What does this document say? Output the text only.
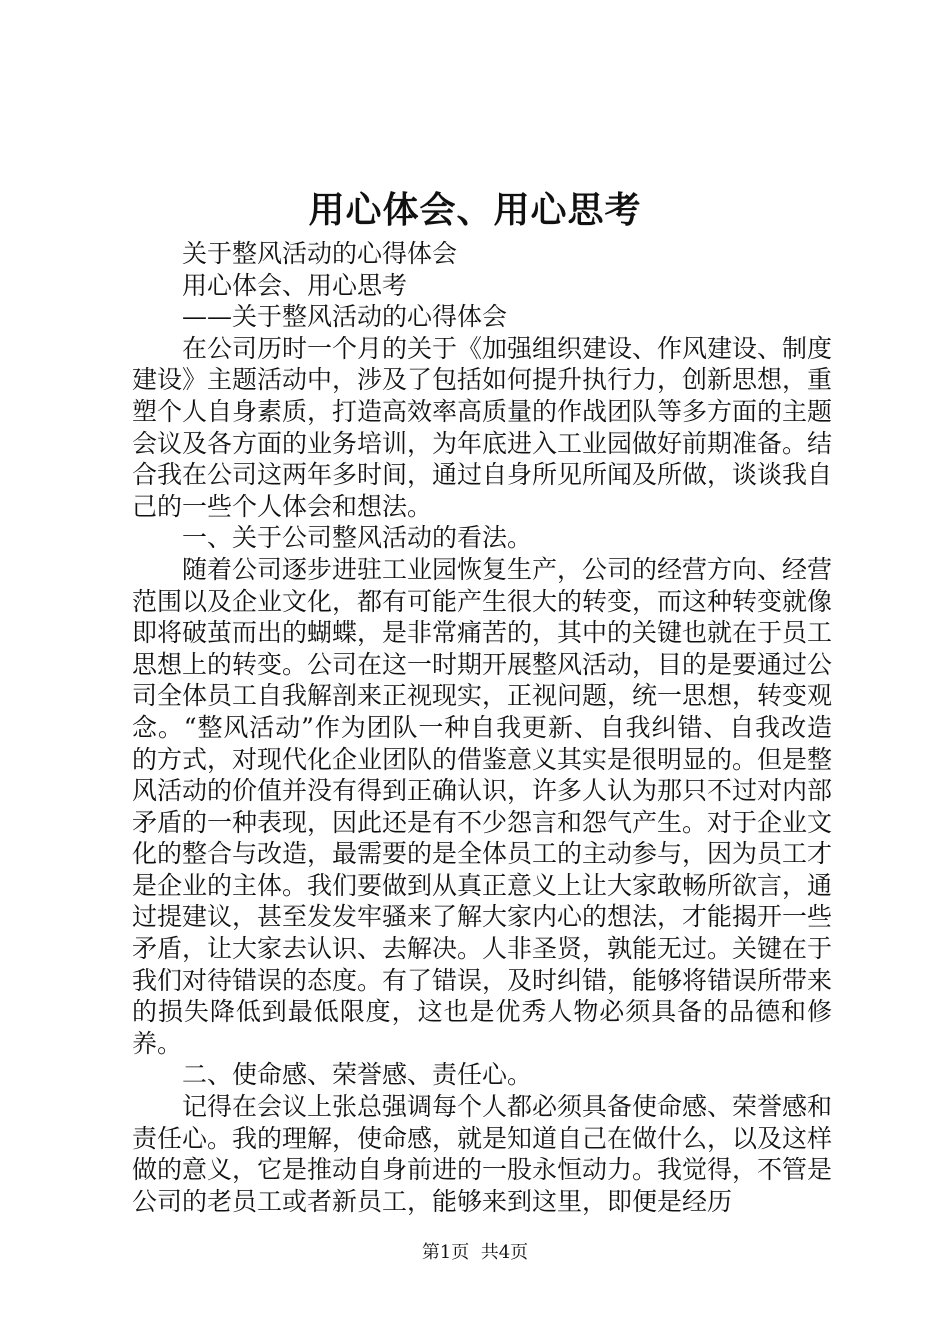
用心体会、用心思考

关于整风活动的心得体会

用心体会、用心思考

——关于整风活动的心得体会

在公司历时一个月的关于《加强组织建设、作风建设、制度建设》主题活动中，涉及了包括如何提升执行力，创新思想，重塑个人自身素质，打造高效率高质量的作战团队等多方面的主题会议及各方面的业务培训，为年底进入工业园做好前期准备。结合我在公司这两年多时间，通过自身所见所闻及所做，谈谈我自己的一些个人体会和想法。

一、关于公司整风活动的看法。

随着公司逐步进驻工业园恢复生产，公司的经营方向、经营范围以及企业文化，都有可能产生很大的转变，而这种转变就像即将破茧而出的蝴蝶，是非常痛苦的，其中的关键也就在于员工思想上的转变。公司在这一时期开展整风活动，目的是要通过公司全体员工自我解剖来正视现实，正视问题，统一思想，转变观念。“整风活动”作为团队一种自我更新、自我纠错、自我改造的方式，对现代化企业团队的借鉴意义其实是很明显的。但是整风活动的价值并没有得到正确认识，许多人认为那只不过对内部矛盾的一种表现，因此还是有不少怨言和怨气产生。对于企业文化的整合与改造，最需要的是全体员工的主动参与，因为员工才是企业的主体。我们要做到从真正意义上让大家敢畅所欲言，通过提建议，甚至发发牢骚来了解大家内心的想法，才能揭开一些矛盾，让大家去认识、去解决。人非圣贤，孰能无过。关键在于我们对待错误的态度。有了错误，及时纠错，能够将错误所带来的损失降低到最低限度，这也是优秀人物必须具备的品德和修养。

二、使命感、荣誉感、责任心。

记得在会议上张总强调每个人都必须具备使命感、荣誉感和责任心。我的理解，使命感，就是知道自己在做什么，以及这样做的意义，它是推动自身前进的一股永恒动力。我觉得，不管是公司的老员工或者新员工，能够来到这里，即便是经历

第1页 共4页
